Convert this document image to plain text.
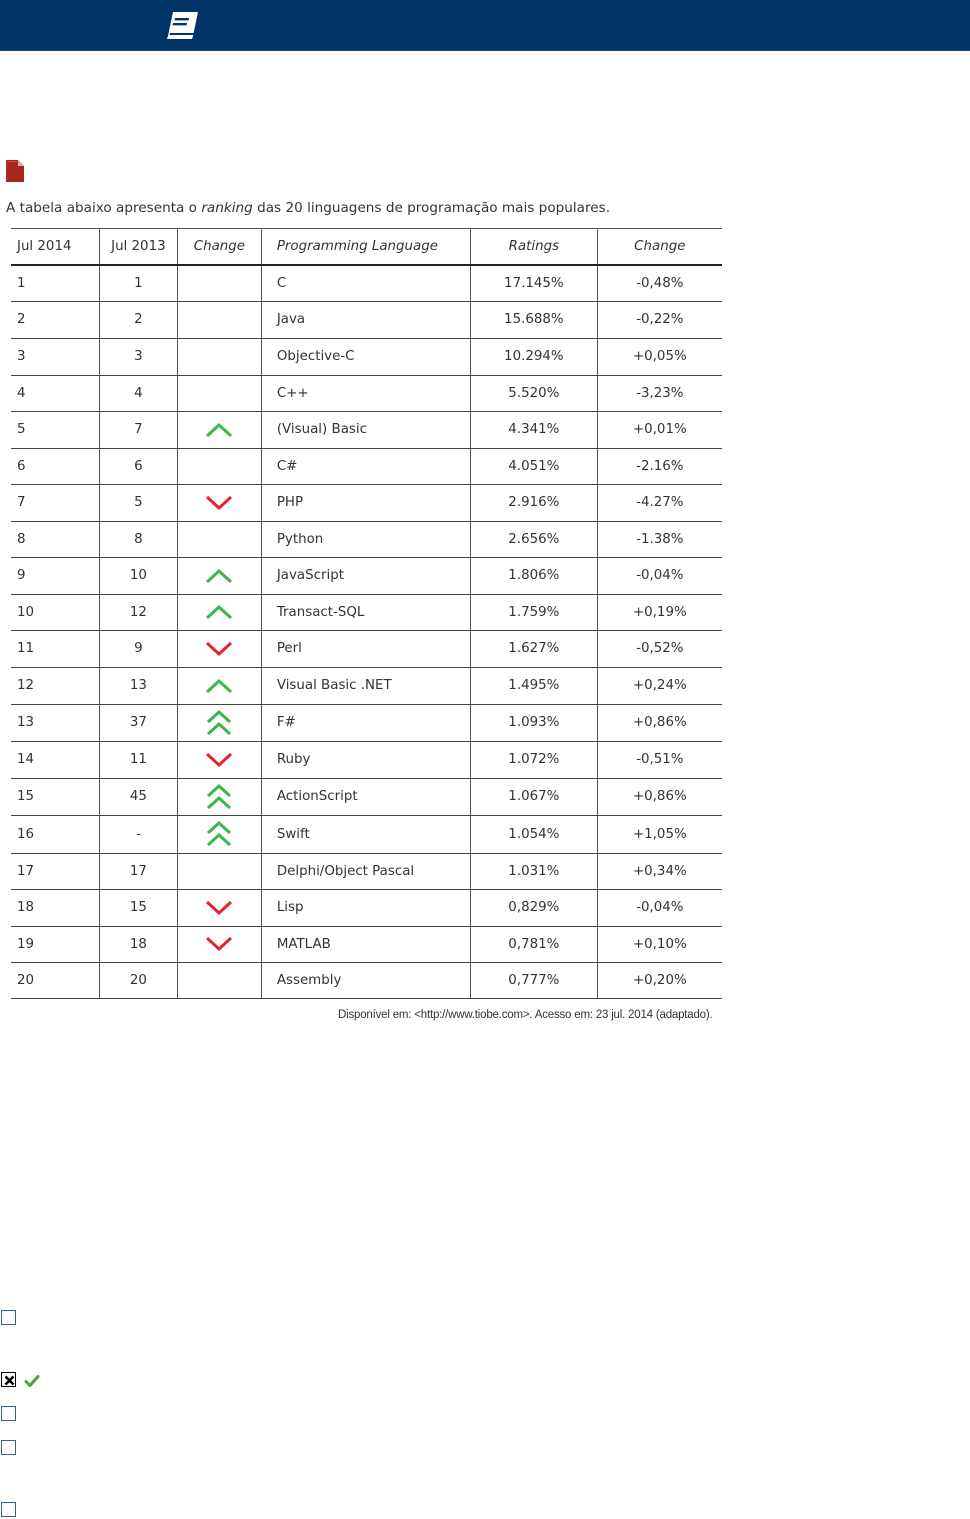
A tabela abaixo apresenta o ranking das 20 linguagens de programação mais populares.
Jul 2014	Jul 2013	Change	Programming Language	Ratings	Change
1	1		C	17.145%	-0,48%
2	2		Java	15.688%	-0,22%
3	3		Objective-C	10.294%	+0,05%
4	4		C++	5.520%	-3,23%
5	7		(Visual) Basic	4.341%	+0,01%
6	6		C#	4.051%	-2.16%
7	5		PHP	2.916%	-4.27%
8	8		Python	2.656%	-1.38%
9	10		JavaScript	1.806%	-0,04%
10	12		Transact-SQL	1.759%	+0,19%
11	9		Perl	1.627%	-0,52%
12	13		Visual Basic .NET	1.495%	+0,24%
13	37		F#	1.093%	+0,86%
14	11		Ruby	1.072%	-0,51%
15	45		ActionScript	1.067%	+0,86%
16	-		Swift	1.054%	+1,05%
17	17		Delphi/Object Pascal	1.031%	+0,34%
18	15		Lisp	0,829%	-0,04%
19	18		MATLAB	0,781%	+0,10%
20	20		Assembly	0,777%	+0,20%
Disponível em: <http://www.tiobe.com>. Acesso em: 23 jul. 2014 (adaptado).
